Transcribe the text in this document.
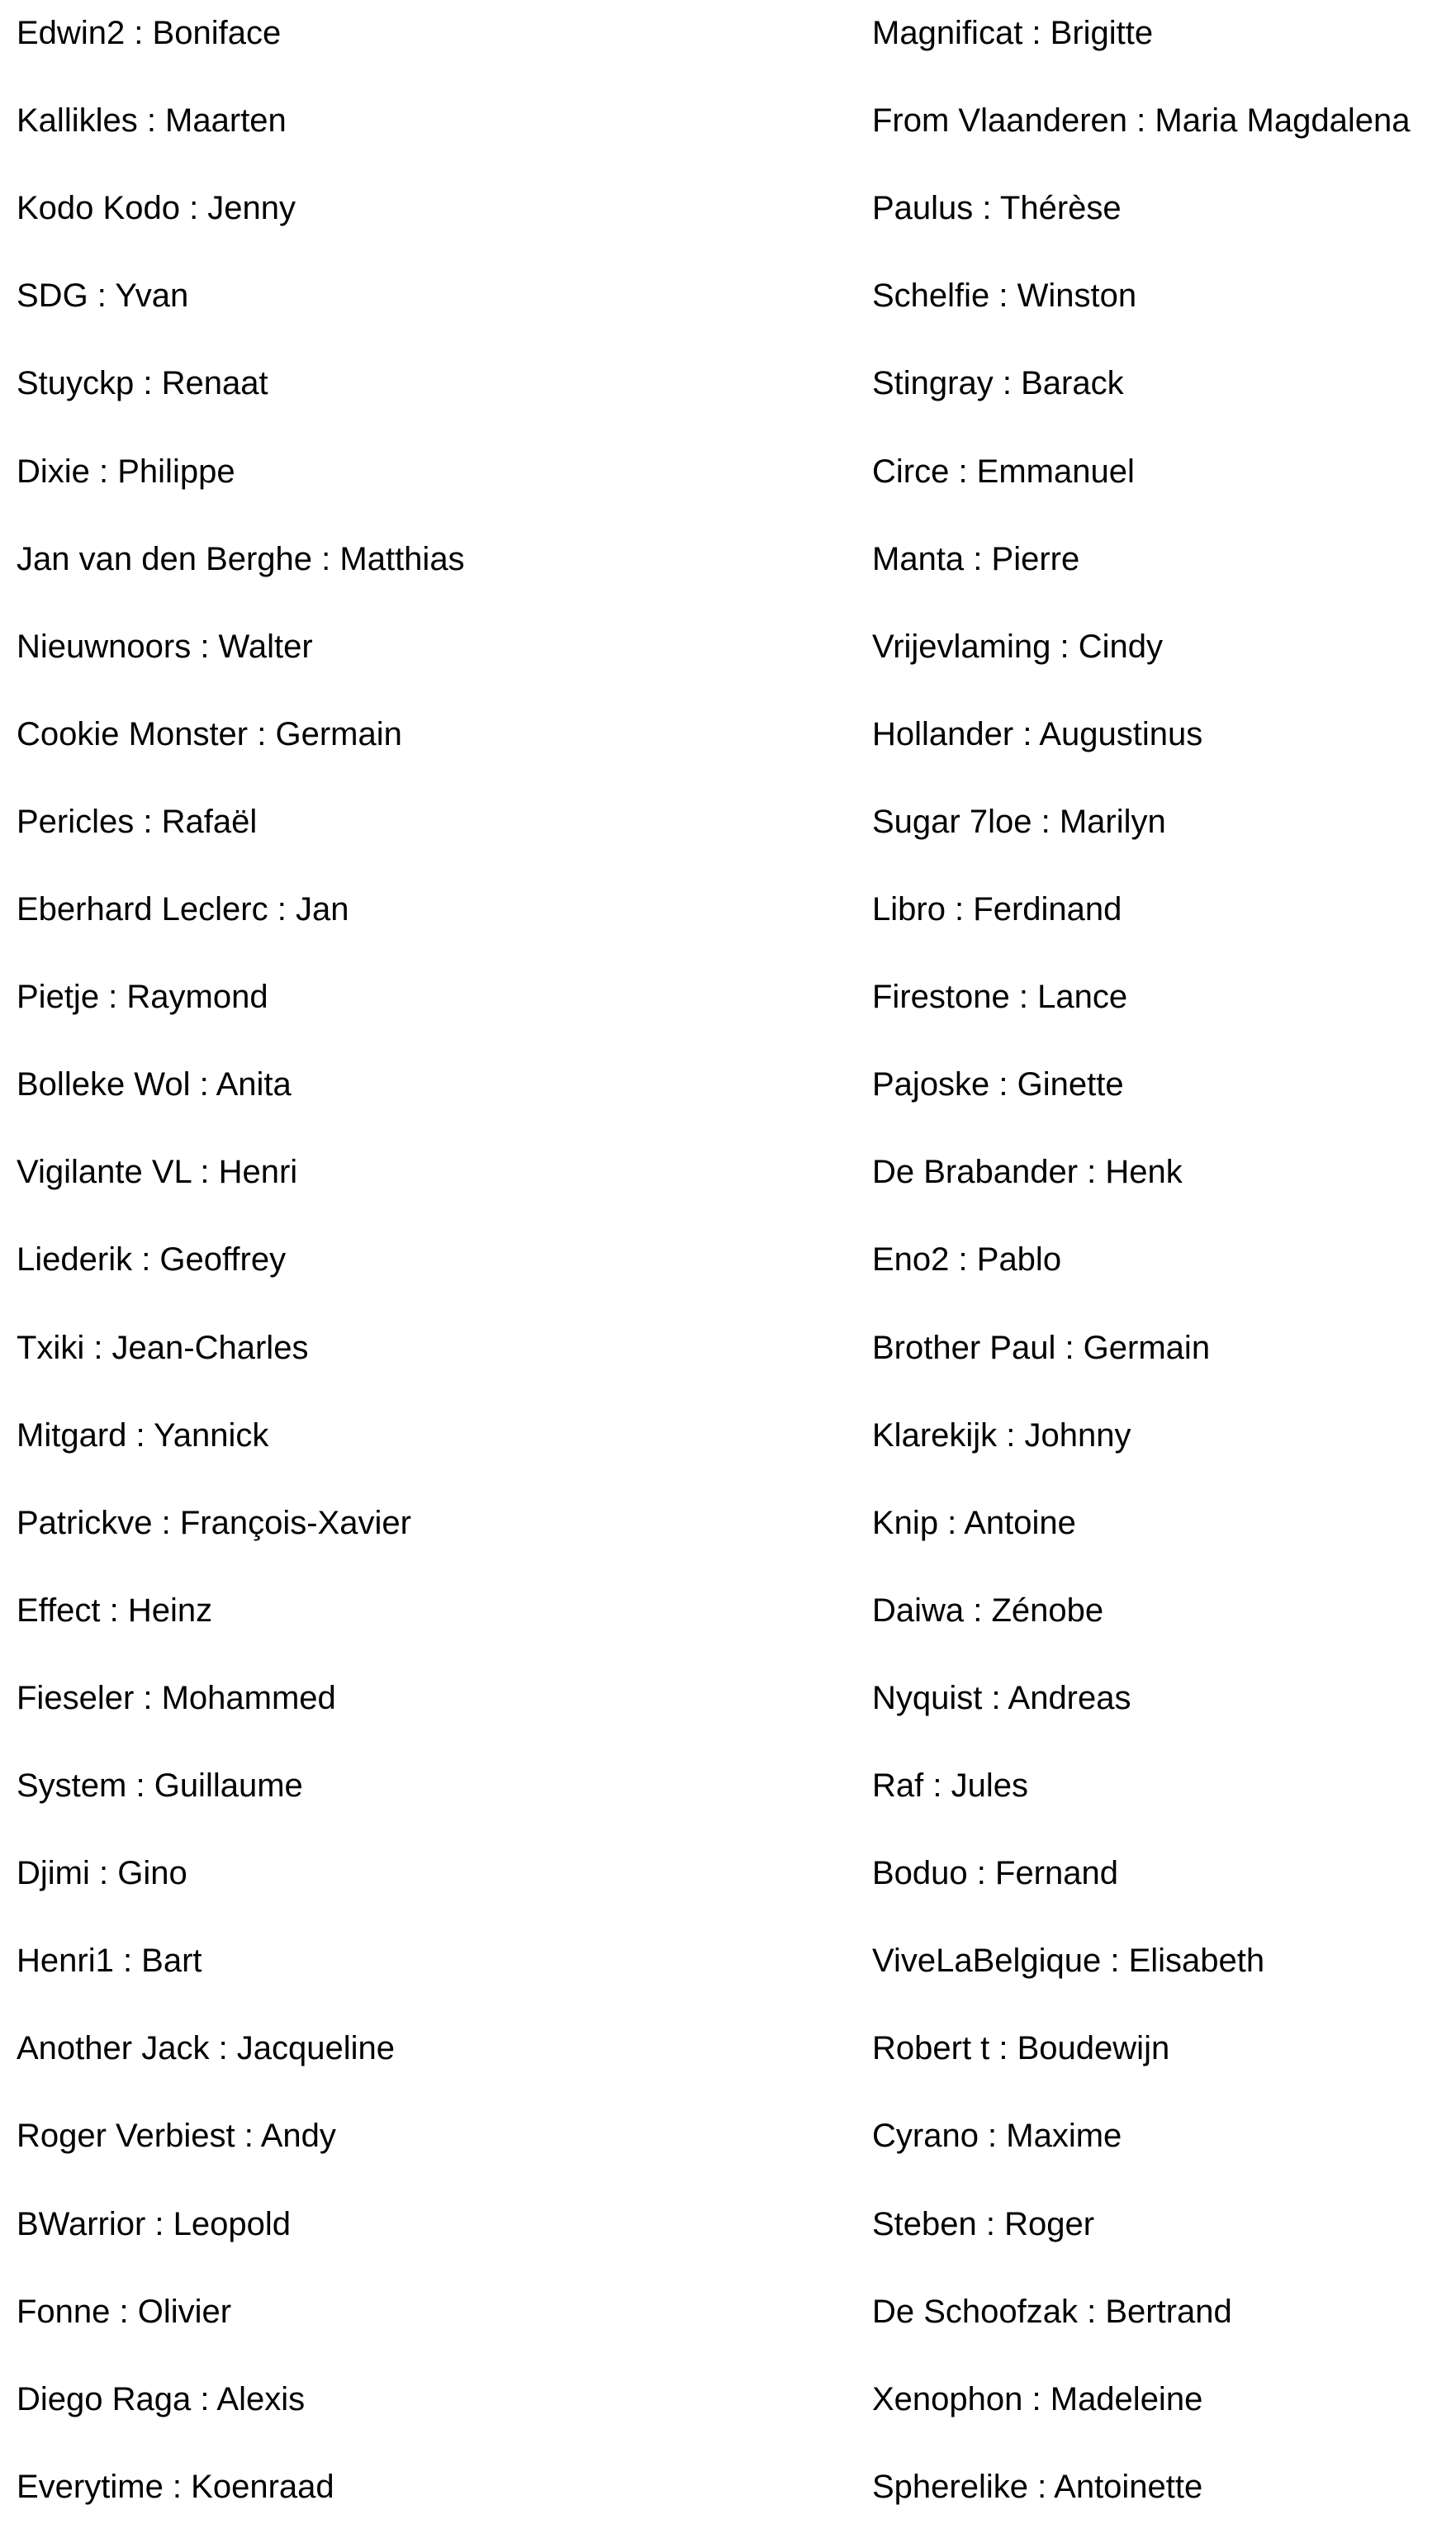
Edwin2 : Boniface
Kallikles : Maarten
Kodo Kodo : Jenny
SDG : Yvan
Stuyckp : Renaat
Dixie : Philippe
Jan van den Berghe : Matthias
Nieuwnoors : Walter
Cookie Monster : Germain
Pericles : Rafaël
Eberhard Leclerc : Jan
Pietje : Raymond
Bolleke Wol : Anita
Vigilante VL : Henri
Liederik : Geoffrey
Txiki : Jean-Charles
Mitgard : Yannick
Patrickve : François-Xavier
Effect : Heinz
Fieseler : Mohammed
System : Guillaume
Djimi : Gino
Henri1 : Bart
Another Jack : Jacqueline
Roger Verbiest : Andy
BWarrior : Leopold
Fonne : Olivier
Diego Raga : Alexis
Everytime : Koenraad
Magnificat : Brigitte
From Vlaanderen : Maria Magdalena
Paulus : Thérèse
Schelfie : Winston
Stingray : Barack
Circe : Emmanuel
Manta : Pierre
Vrijevlaming : Cindy
Hollander : Augustinus
Sugar 7loe : Marilyn
Libro : Ferdinand
Firestone : Lance
Pajoske : Ginette
De Brabander : Henk
Eno2 : Pablo
Brother Paul : Germain
Klarekijk : Johnny
Knip : Antoine
Daiwa : Zénobe
Nyquist : Andreas
Raf : Jules
Boduo : Fernand
ViveLaBelgique : Elisabeth
Robert t : Boudewijn
Cyrano : Maxime
Steben : Roger
De Schoofzak : Bertrand
Xenophon : Madeleine
Spherelike : Antoinette
